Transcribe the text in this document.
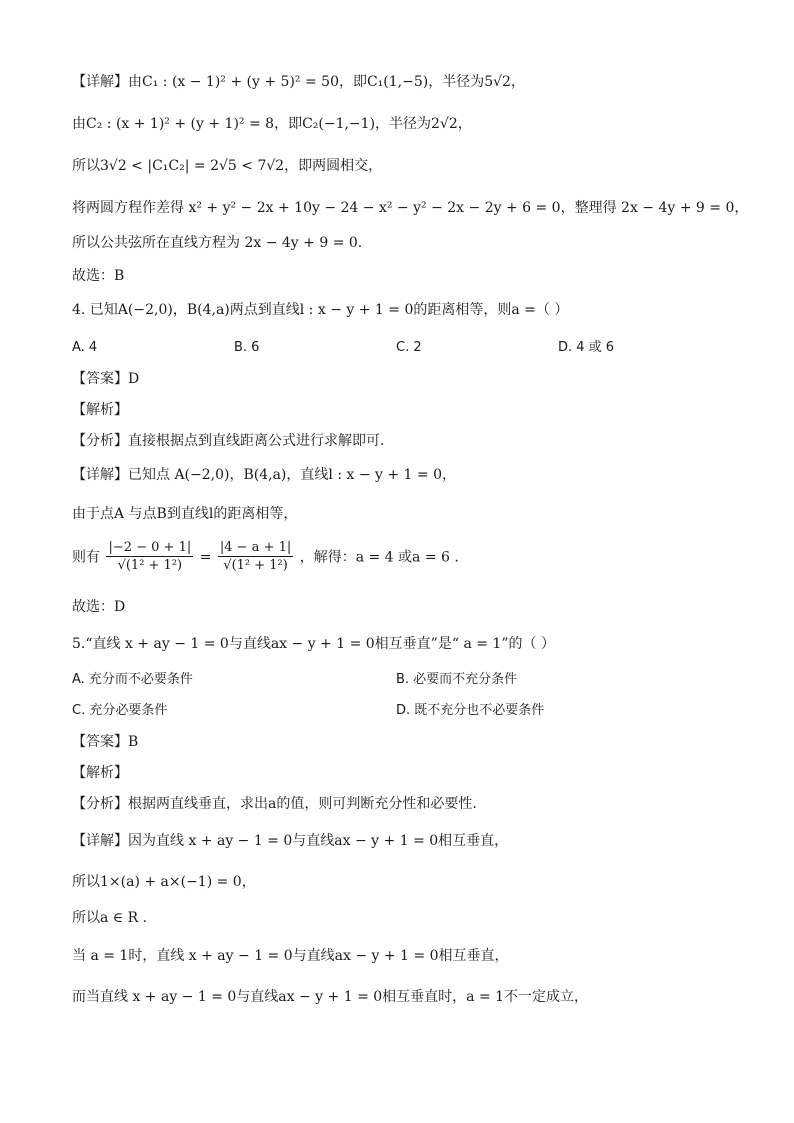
【详解】由C₁ : (x − 1)² + (y + 5)² = 50，即C₁(1,−5)，半径为5√2，
由C₂ : (x + 1)² + (y + 1)² = 8，即C₂(−1,−1)，半径为2√2，
所以3√2 < |C₁C₂| = 2√5 < 7√2，即两圆相交，
将两圆方程作差得 x² + y² − 2x + 10y − 24 − x² − y² − 2x − 2y + 6 = 0，整理得 2x − 4y + 9 = 0，
所以公共弦所在直线方程为 2x − 4y + 9 = 0.
故选：B
4. 已知A(−2,0)，B(4,a)两点到直线l : x − y + 1 = 0的距离相等，则a =（ ）
A. 4	B. 6	C. 2	D. 4 或 6
【答案】D
【解析】
【分析】直接根据点到直线距离公式进行求解即可.
【详解】已知点 A(−2,0)，B(4,a)，直线l : x − y + 1 = 0，
由于点A 与点B到直线l的距离相等，
则有 $\frac{|-2 - 0 + 1|}{\text{√(1² + 1²)}} = \frac{|4 - a + 1|}{\text{√(1² + 1²)}}$ ，解得：a = 4 或a = 6 .
故选：D
5.“直线 x + ay − 1 = 0与直线ax − y + 1 = 0相互垂直”是“ a = 1”的（ ）
A. 充分而不必要条件	B. 必要而不充分条件
C. 充分必要条件	D. 既不充分也不必要条件
【答案】B
【解析】
【分析】根据两直线垂直，求出a的值，则可判断充分性和必要性.
【详解】因为直线 x + ay − 1 = 0与直线ax − y + 1 = 0相互垂直，
所以1×(a) + a×(−1) = 0，
所以a ∈ R .
当 a = 1时，直线 x + ay − 1 = 0与直线ax − y + 1 = 0相互垂直，
而当直线 x + ay − 1 = 0与直线ax − y + 1 = 0相互垂直时，a = 1不一定成立，
